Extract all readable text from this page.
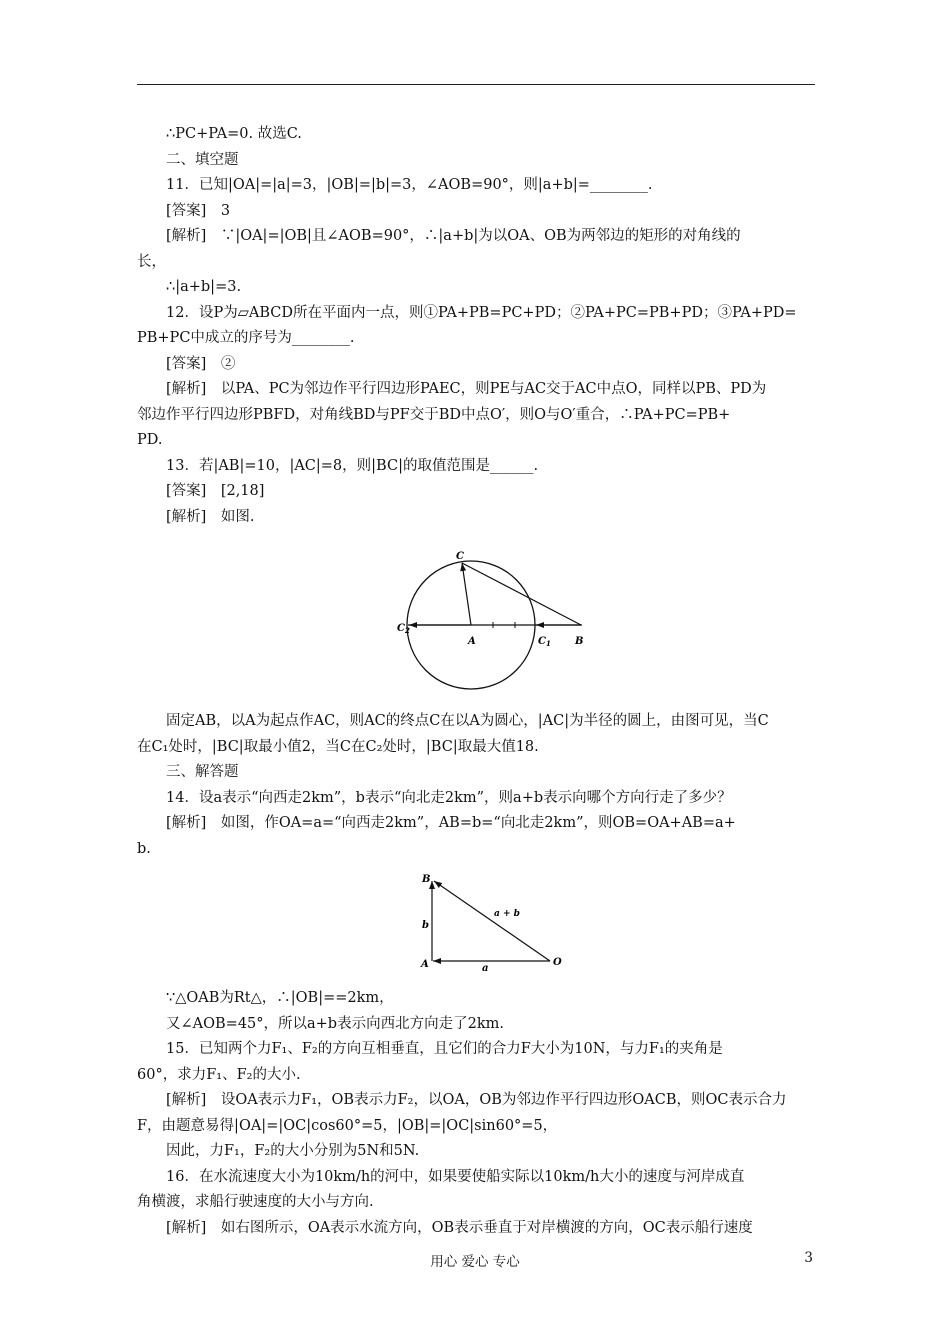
∴PC+PA=0. 故选C.

二、填空题

11．已知|OA|=|a|=3，|OB|=|b|=3，∠AOB=90°，则|a+b|=________.

[答案]　3

[解析]　∵|OA|=|OB|且∠AOB=90°，∴|a+b|为以OA、OB为两邻边的矩形的对角线的

长，

∴|a+b|=3.

12．设P为▱ABCD所在平面内一点，则①PA+PB=PC+PD；②PA+PC=PB+PD；③PA+PD=

PB+PC中成立的序号为________.

[答案]　②

[解析]　以PA、PC为邻边作平行四边形PAEC，则PE与AC交于AC中点O，同样以PB、PD为

邻边作平行四边形PBFD，对角线BD与PF交于BD中点O′，则O与O′重合，∴PA+PC=PB+

PD.

13．若|AB|=10，|AC|=8，则|BC|的取值范围是______.

[答案]　[2,18]

[解析]　如图.

C
$C_2$
A	$C_1$ B

固定AB，以A为起点作AC，则AC的终点C在以A为圆心，|AC|为半径的圆上，由图可见，当C

在C₁处时，|BC|取最小值2，当C在C₂处时，|BC|取最大值18.

三、解答题

14．设a表示“向西走2km”，b表示“向北走2km”，则a+b表示向哪个方向行走了多少？

[解析]　如图，作OA=a=“向西走2km”，AB=b=“向北走2km”，则OB=OA+AB=a+

b.

B
A	O
b
a
a + b

∵△OAB为Rt△，∴|OB|==2km，

又∠AOB=45°，所以a+b表示向西北方向走了2km.

15．已知两个力F₁、F₂的方向互相垂直，且它们的合力F大小为10N，与力F₁的夹角是

60°，求力F₁、F₂的大小.

[解析]　设OA表示力F₁，OB表示力F₂，以OA，OB为邻边作平行四边形OACB，则OC表示合力

F，由题意易得|OA|=|OC|cos60°=5，|OB|=|OC|sin60°=5，

因此，力F₁，F₂的大小分别为5N和5N.

16．在水流速度大小为10km/h的河中，如果要使船实际以10km/h大小的速度与河岸成直

角横渡，求船行驶速度的大小与方向.

[解析]　如右图所示，OA表示水流方向，OB表示垂直于对岸横渡的方向，OC表示船行速度

用心 爱心 专心	3
